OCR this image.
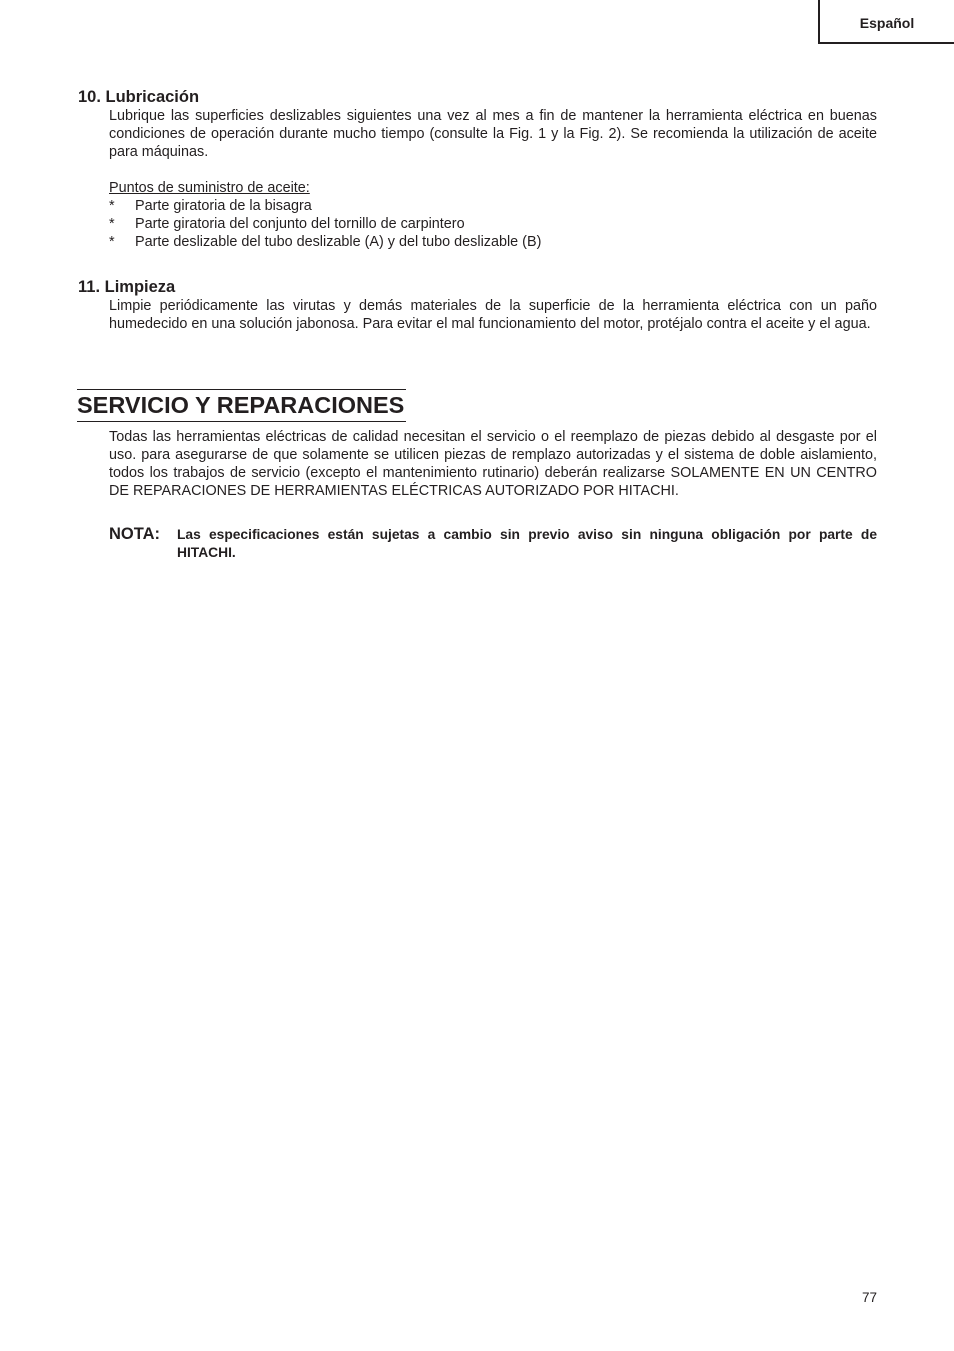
Español
10. Lubricación

Lubrique las superficies deslizables siguientes una vez al mes a fin de mantener la herramienta eléctrica en buenas condiciones de operación durante mucho tiempo (consulte la Fig. 1 y la Fig. 2). Se recomienda la utilización de aceite para máquinas.

Puntos de suministro de aceite:

*	Parte giratoria de la bisagra
*	Parte giratoria del conjunto del tornillo de carpintero
*	Parte deslizable del tubo deslizable (A) y del tubo deslizable (B)
11. Limpieza

Limpie periódicamente las virutas y demás materiales de la superficie de la herramienta eléctrica con un paño humedecido en una solución jabonosa. Para evitar el mal funcionamiento del motor, protéjalo contra el aceite y el agua.

SERVICIO Y REPARACIONES
Todas las herramientas eléctricas de calidad necesitan el servicio o el reemplazo de piezas debido al desgaste por el uso. para asegurarse de que solamente se utilicen piezas de remplazo autorizadas y el sistema de doble aislamiento, todos los trabajos de servicio (excepto el mantenimiento rutinario) deberán realizarse SOLAMENTE EN UN CENTRO DE REPARACIONES DE HERRAMIENTAS ELÉCTRICAS AUTORIZADO POR HITACHI.
NOTA:	Las especificaciones están sujetas a cambio sin previo aviso sin ninguna obligación por parte de HITACHI.
77
